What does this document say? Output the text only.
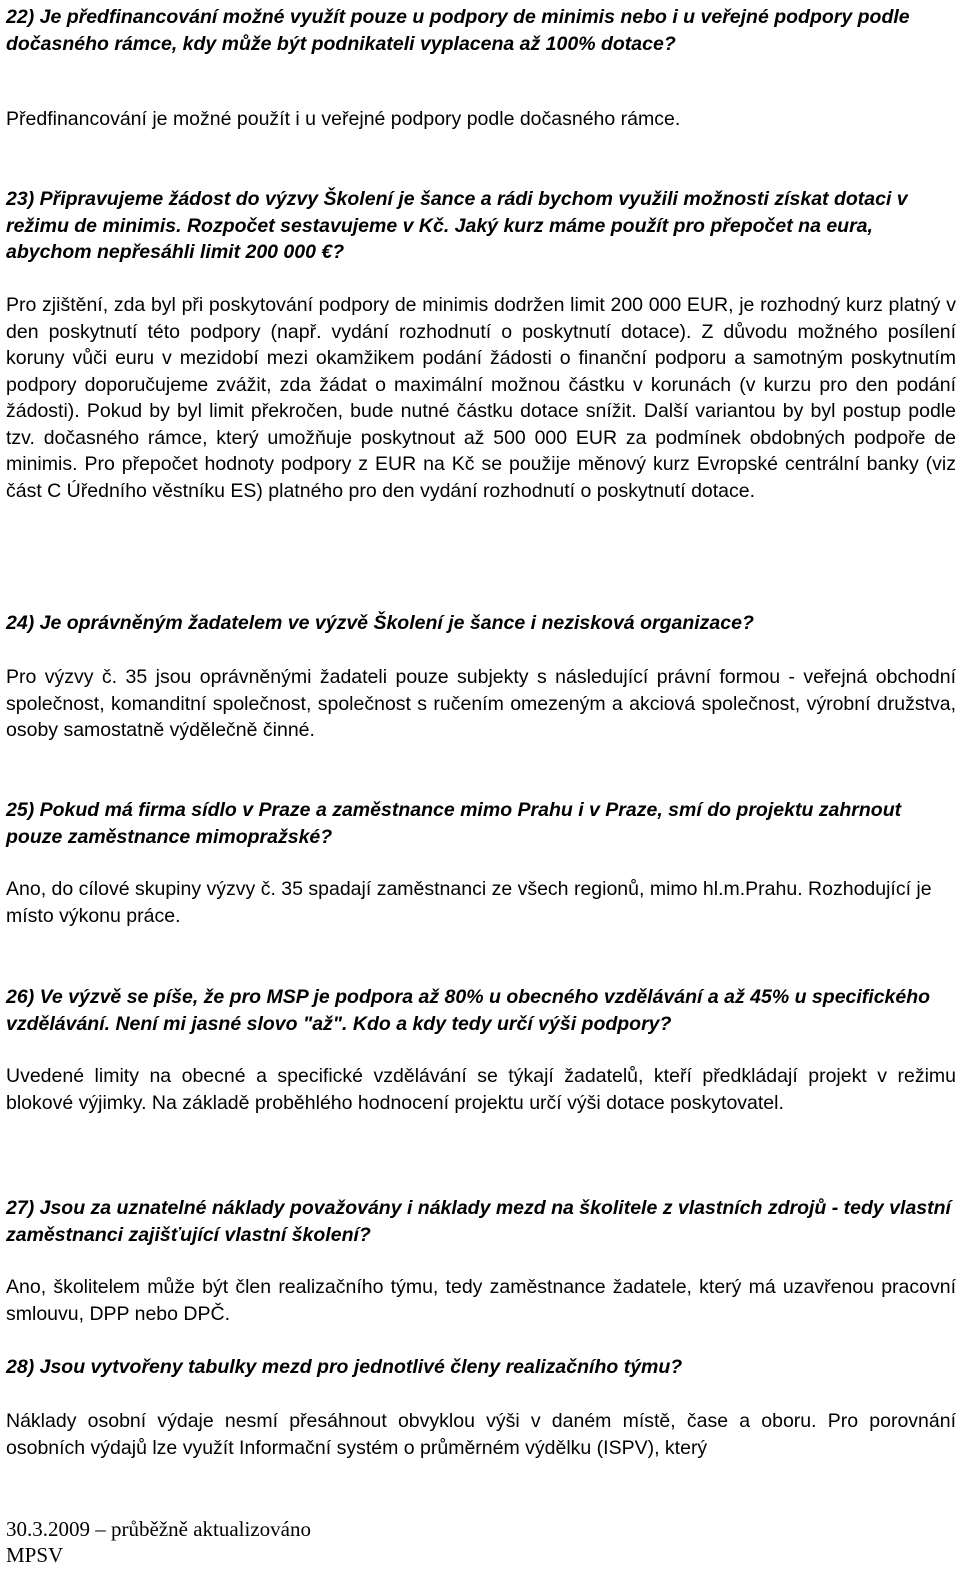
22) Je předfinancování možné využít pouze u podpory de minimis nebo i u veřejné podpory podle dočasného rámce, kdy může být podnikateli vyplacena až 100% dotace?

Předfinancování je možné použít i u veřejné podpory podle dočasného rámce.

23) Připravujeme žádost do výzvy Školení je šance a rádi bychom využili možnosti získat dotaci v režimu de minimis. Rozpočet sestavujeme v Kč. Jaký kurz máme použít pro přepočet na eura, abychom nepřesáhli limit 200 000 €?

Pro zjištění, zda byl při poskytování podpory de minimis dodržen limit 200 000 EUR, je rozhodný kurz platný v den poskytnutí této podpory (např. vydání rozhodnutí o poskytnutí dotace). Z důvodu možného posílení koruny vůči euru v mezidobí mezi okamžikem podání žádosti o finanční podporu a samotným poskytnutím podpory doporučujeme zvážit, zda žádat o maximální možnou částku v korunách (v kurzu pro den podání žádosti). Pokud by byl limit překročen, bude nutné částku dotace snížit. Další variantou by byl postup podle tzv. dočasného rámce, který umožňuje poskytnout až 500 000 EUR za podmínek obdobných podpoře de minimis. Pro přepočet hodnoty podpory z EUR na Kč se použije měnový kurz Evropské centrální banky (viz část C Úředního věstníku ES) platného pro den vydání rozhodnutí o poskytnutí dotace.

24) Je oprávněným žadatelem ve výzvě Školení je šance i nezisková organizace?

Pro výzvy č. 35 jsou oprávněnými žadateli pouze subjekty s následující právní formou - veřejná obchodní společnost, komanditní společnost, společnost s ručením omezeným a akciová společnost, výrobní družstva, osoby samostatně výdělečně činné.

25) Pokud má firma sídlo v Praze a zaměstnance mimo Prahu i v Praze, smí do projektu zahrnout pouze zaměstnance mimopražské?

Ano, do cílové skupiny výzvy č. 35 spadají zaměstnanci ze všech regionů, mimo hl.m.Prahu. Rozhodující je místo výkonu práce.

26) Ve výzvě se píše, že pro MSP je podpora až 80% u obecného vzdělávání a až 45% u specifického vzdělávání. Není mi jasné slovo "až". Kdo a kdy tedy určí výši podpory?

Uvedené limity na obecné a specifické vzdělávání se týkají žadatelů, kteří předkládají projekt v režimu blokové výjimky. Na základě proběhlého hodnocení projektu určí výši dotace poskytovatel.

27) Jsou za uznatelné náklady považovány i náklady mezd na školitele z vlastních zdrojů - tedy vlastní zaměstnanci zajišťující vlastní školení?

Ano, školitelem může být člen realizačního týmu, tedy zaměstnance žadatele, který má uzavřenou pracovní smlouvu, DPP nebo DPČ.

28) Jsou vytvořeny tabulky mezd pro jednotlivé členy realizačního týmu?

Náklady osobní výdaje nesmí přesáhnout obvyklou výši v daném místě, čase a oboru. Pro porovnání osobních výdajů lze využít Informační systém o průměrném výdělku (ISPV), který

30.3.2009 – průběžně aktualizováno
MPSV
